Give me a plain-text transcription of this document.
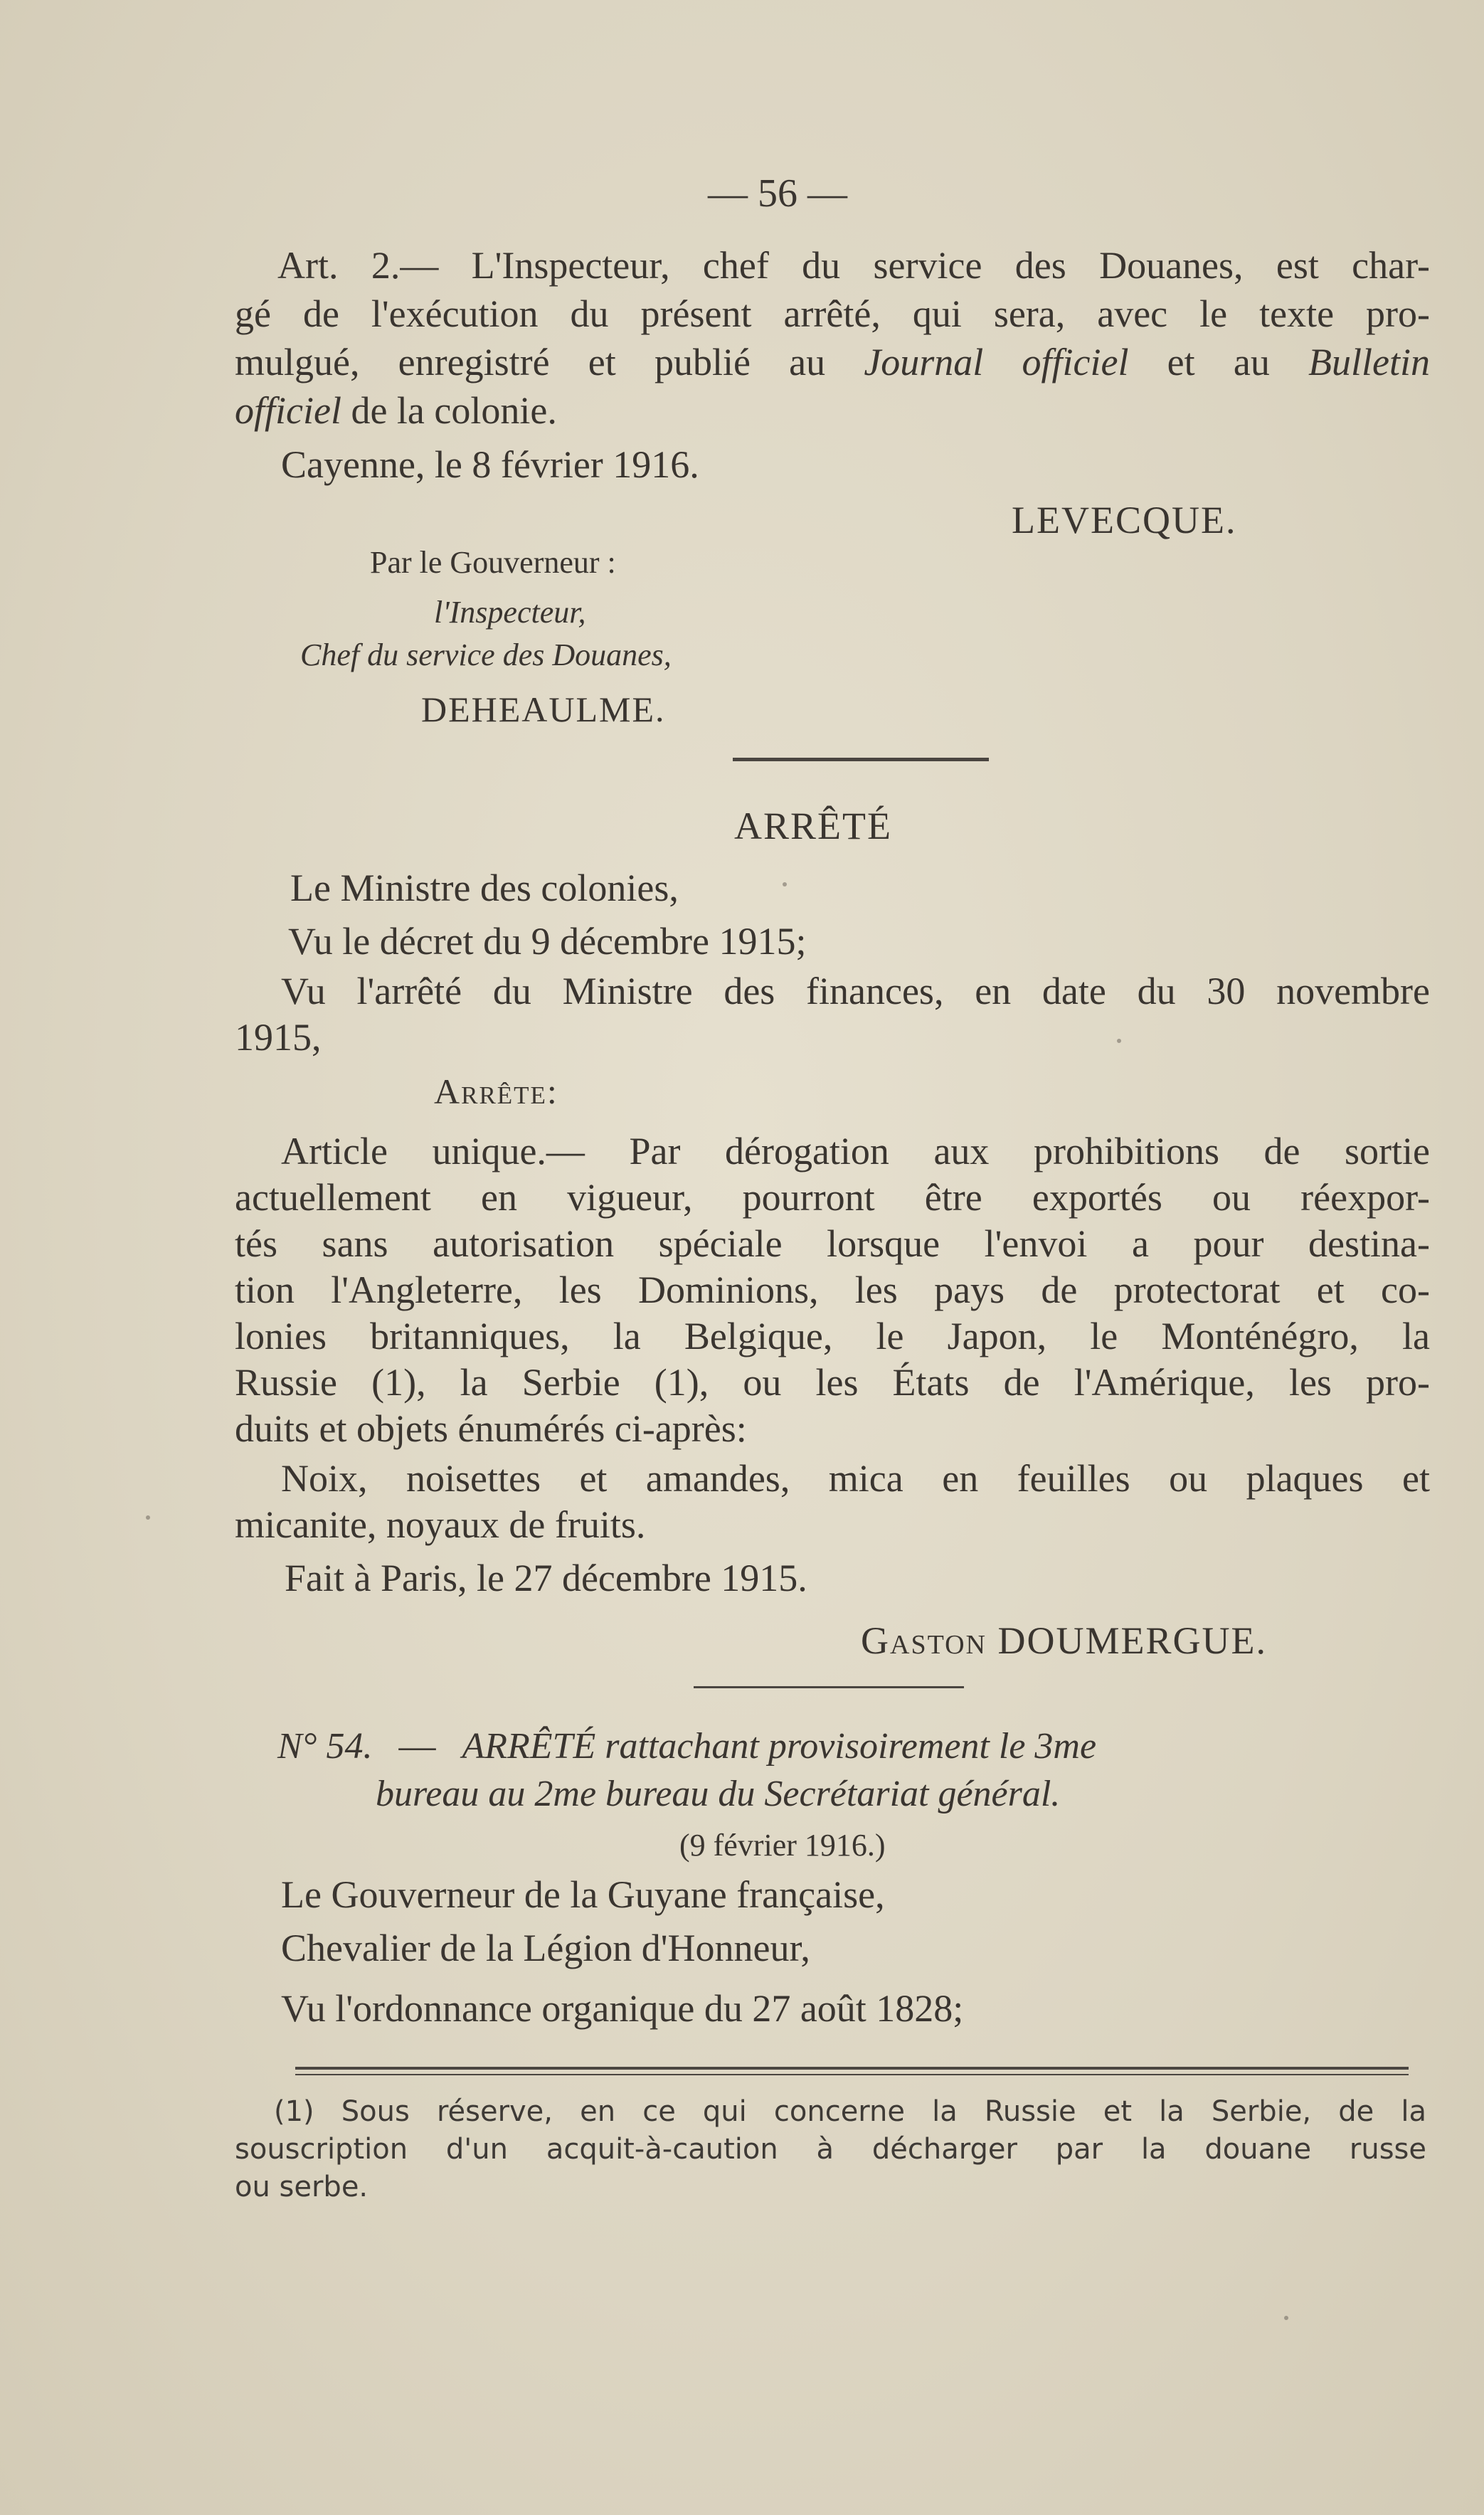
— 56 —
Art. 2.— L'Inspecteur, chef du service des Douanes, est char-
gé de l'exécution du présent arrêté, qui sera, avec le texte pro-
mulgué, enregistré et publié au Journal officiel et au Bulletin
officiel de la colonie.
Cayenne, le 8 février 1916.
LEVECQUE.
Par le Gouverneur :
l'Inspecteur,
Chef du service des Douanes,
DEHEAULME.
ARRÊTÉ
Le Ministre des colonies,
Vu le décret du 9 décembre 1915;
Vu l'arrêté du Ministre des finances, en date du 30 novembre
1915,
Arrête:
Article unique.— Par dérogation aux prohibitions de sortie
actuellement en vigueur, pourront être exportés ou réexpor-
tés sans autorisation spéciale lorsque l'envoi a pour destina-
tion l'Angleterre, les Dominions, les pays de protectorat et co-
lonies britanniques, la Belgique, le Japon, le Monténégro, la
Russie (1), la Serbie (1), ou les États de l'Amérique, les pro-
duits et objets énumérés ci-après:
Noix, noisettes et amandes, mica en feuilles ou plaques et
micanite, noyaux de fruits.
Fait à Paris, le 27 décembre 1915.
Gaston DOUMERGUE.
N° 54. — ARRÊTÉ rattachant provisoirement le 3me
bureau au 2me bureau du Secrétariat général.
(9 février 1916.)
Le Gouverneur de la Guyane française,
Chevalier de la Légion d'Honneur,
Vu l'ordonnance organique du 27 août 1828;
(1) Sous réserve, en ce qui concerne la Russie et la Serbie, de la
souscription d'un acquit-à-caution à décharger par la douane russe
ou serbe.
